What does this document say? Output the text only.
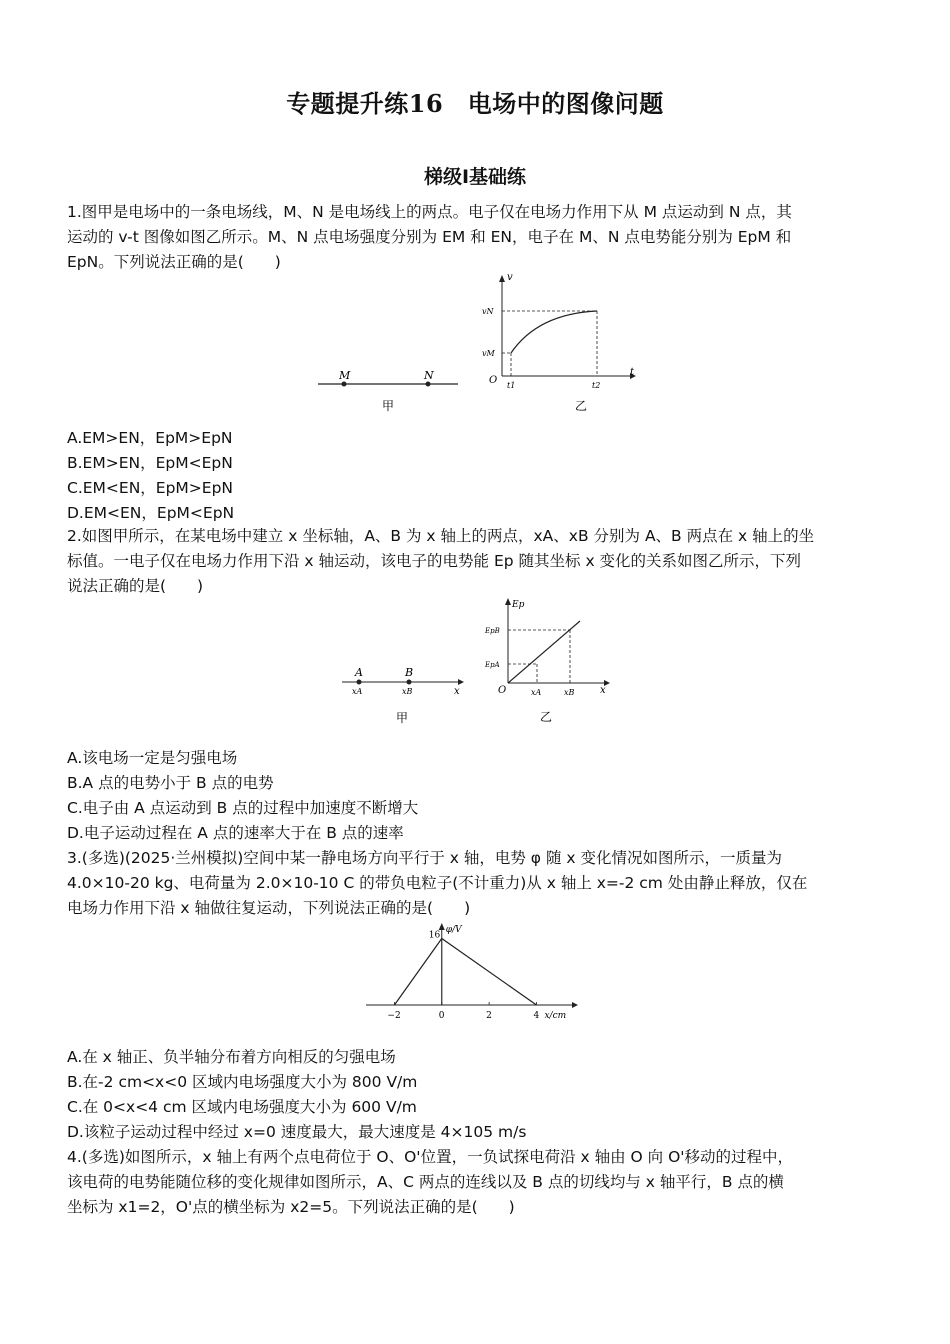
专题提升练16　电场中的图像问题
梯级Ⅰ基础练
1.图甲是电场中的一条电场线，M、N 是电场线上的两点。电子仅在电场力作用下从 M 点运动到 N 点，其
运动的 v-t 图像如图乙所示。M、N 点电场强度分别为 EM 和 EN，电子在 M、N 点电势能分别为 EpM 和
EpN。下列说法正确的是(　　)
M	N
甲
v
t
O
vN
vM
t1	t2
乙
A.EM>EN，EpM>EpN
B.EM>EN，EpM<EpN
C.EM<EN，EpM>EpN
D.EM<EN，EpM<EpN
2.如图甲所示，在某电场中建立 x 坐标轴，A、B 为 x 轴上的两点，xA、xB 分别为 A、B 两点在 x 轴上的坐
标值。一电子仅在电场力作用下沿 x 轴运动，该电子的电势能 Ep 随其坐标 x 变化的关系如图乙所示，下列
说法正确的是(　　)
A	B
xA	xB	x
甲
Ep
EpB
EpA
O	xA	xB	x
乙
A.该电场一定是匀强电场
B.A 点的电势小于 B 点的电势
C.电子由 A 点运动到 B 点的过程中加速度不断增大
D.电子运动过程在 A 点的速率大于在 B 点的速率
3.(多选)(2025·兰州模拟)空间中某一静电场方向平行于 x 轴，电势 φ 随 x 变化情况如图所示，一质量为
4.0×10-20 kg、电荷量为 2.0×10-10 C 的带负电粒子(不计重力)从 x 轴上 x=-2 cm 处由静止释放，仅在
电场力作用下沿 x 轴做往复运动，下列说法正确的是(　　)
−2	0	2	4
16
φ/V
x/cm
A.在 x 轴正、负半轴分布着方向相反的匀强电场
B.在-2 cm<x<0 区域内电场强度大小为 800 V/m
C.在 0<x<4 cm 区域内电场强度大小为 600 V/m
D.该粒子运动过程中经过 x=0 速度最大，最大速度是 4×105 m/s
4.(多选)如图所示，x 轴上有两个点电荷位于 O、O'位置，一负试探电荷沿 x 轴由 O 向 O'移动的过程中，
该电荷的电势能随位移的变化规律如图所示，A、C 两点的连线以及 B 点的切线均与 x 轴平行，B 点的横
坐标为 x1=2，O'点的横坐标为 x2=5。下列说法正确的是(　　)
